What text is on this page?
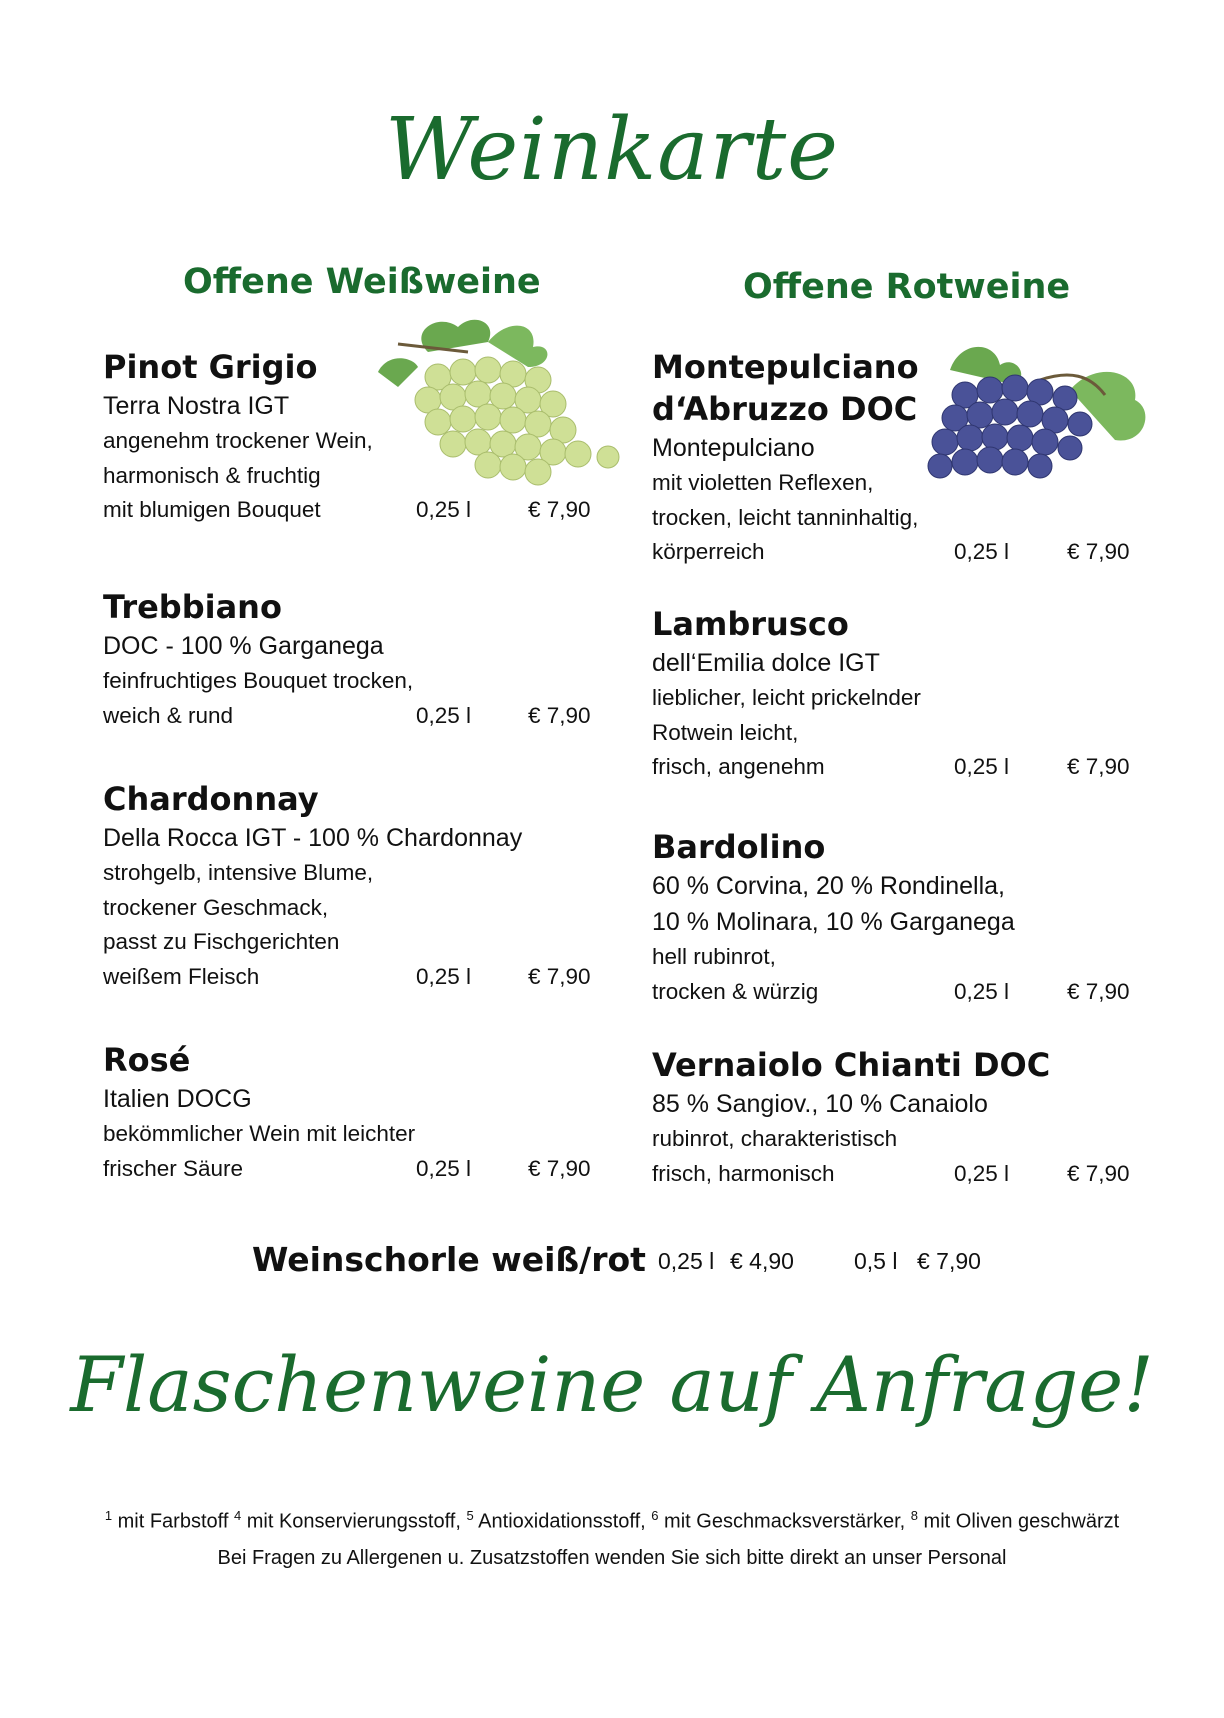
Weinkarte
Offene Weißweine	Offene Rotweine
Pinot Grigio
Terra Nostra IGT
angenehm trockener Wein,
harmonisch & fruchtig
mit blumigen Bouquet	0,25 l	€ 7,90
Trebbiano
DOC - 100 % Garganega
feinfruchtiges Bouquet trocken,
weich & rund	0,25 l	€ 7,90
Chardonnay
Della Rocca IGT - 100 % Chardonnay
strohgelb, intensive Blume,
trockener Geschmack,
passt zu Fischgerichten
weißem Fleisch	0,25 l	€ 7,90
Rosé
Italien DOCG
bekömmlicher Wein mit leichter
frischer Säure	0,25 l	€ 7,90
Montepulciano
d‘Abruzzo DOC
Montepulciano
mit violetten Reflexen,
trocken, leicht tanninhaltig,
körperreich	0,25 l	€ 7,90
Lambrusco
dell‘Emilia dolce IGT
lieblicher, leicht prickelnder
Rotwein leicht,
frisch, angenehm	0,25 l	€ 7,90
Bardolino
60 % Corvina, 20 % Rondinella,
10 % Molinara, 10 % Garganega
hell rubinrot,
trocken & würzig	0,25 l	€ 7,90
Vernaiolo Chianti DOC
85 % Sangiov., 10 % Canaiolo
rubinrot, charakteristisch
frisch, harmonisch	0,25 l	€ 7,90
Weinschorle weiß/rot 0,25 l € 4,90	0,5 l € 7,90
Flaschenweine auf Anfrage!
$^1$ mit Farbstoff $^4$ mit Konservierungsstoff, $^5$ Antioxidationsstoff, $^6$ mit Geschmacksverstärker, $^8$ mit Oliven geschwärzt
Bei Fragen zu Allergenen u. Zusatzstoffen wenden Sie sich bitte direkt an unser Personal
